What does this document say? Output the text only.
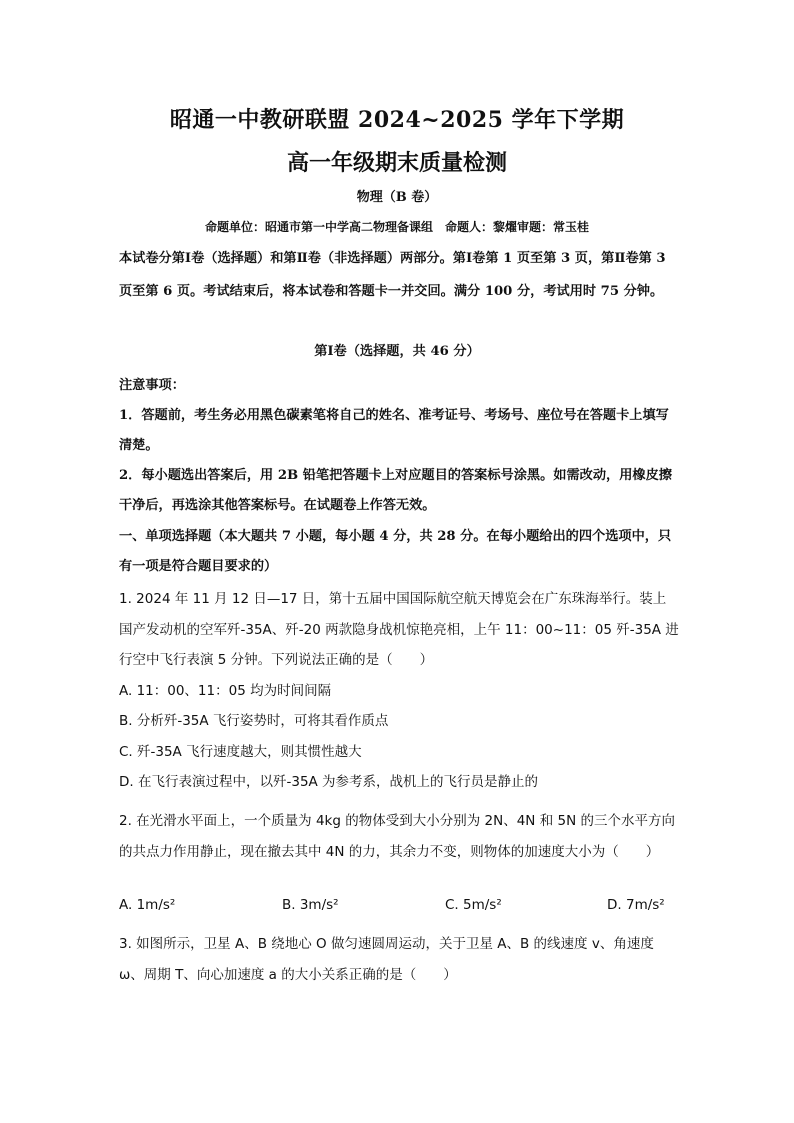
昭通一中教研联盟 2024~2025 学年下学期
高一年级期末质量检测
物理（B 卷）
命题单位：昭通市第一中学高二物理备课组　命题人：黎燿审题：常玉桂
本试卷分第Ⅰ卷（选择题）和第Ⅱ卷（非选择题）两部分。第Ⅰ卷第 1 页至第 3 页，第Ⅱ卷第 3 页至第 6 页。考试结束后，将本试卷和答题卡一并交回。满分 100 分，考试用时 75 分钟。
第Ⅰ卷（选择题，共 46 分）
注意事项：
1．答题前，考生务必用黑色碳素笔将自己的姓名、准考证号、考场号、座位号在答题卡上填写清楚。
2．每小题选出答案后，用 2B 铅笔把答题卡上对应题目的答案标号涂黑。如需改动，用橡皮擦干净后，再选涂其他答案标号。在试题卷上作答无效。
一、单项选择题（本大题共 7 小题，每小题 4 分，共 28 分。在每小题给出的四个选项中，只有一项是符合题目要求的）

1. 2024 年 11 月 12 日—17 日，第十五届中国国际航空航天博览会在广东珠海举行。装上国产发动机的空军歼-35A、歼-20 两款隐身战机惊艳亮相，上午 11：00~11：05 歼-35A 进行空中飞行表演 5 分钟。下列说法正确的是（　　）

A. 11：00、11：05 均为时间间隔

B. 分析歼-35A 飞行姿势时，可将其看作质点

C. 歼-35A 飞行速度越大，则其惯性越大

D. 在飞行表演过程中，以歼-35A 为参考系，战机上的飞行员是静止的

2. 在光滑水平面上，一个质量为 4kg 的物体受到大小分别为 2N、4N 和 5N 的三个水平方向的共点力作用静止，现在撤去其中 4N 的力，其余力不变，则物体的加速度大小为（　　）

A. 1m/s²	B. 3m/s²	C. 5m/s²	D. 7m/s²

3. 如图所示，卫星 A、B 绕地心 O 做匀速圆周运动，关于卫星 A、B 的线速度 v、角速度 ω、周期 T、向心加速度 a 的大小关系正确的是（　　）
